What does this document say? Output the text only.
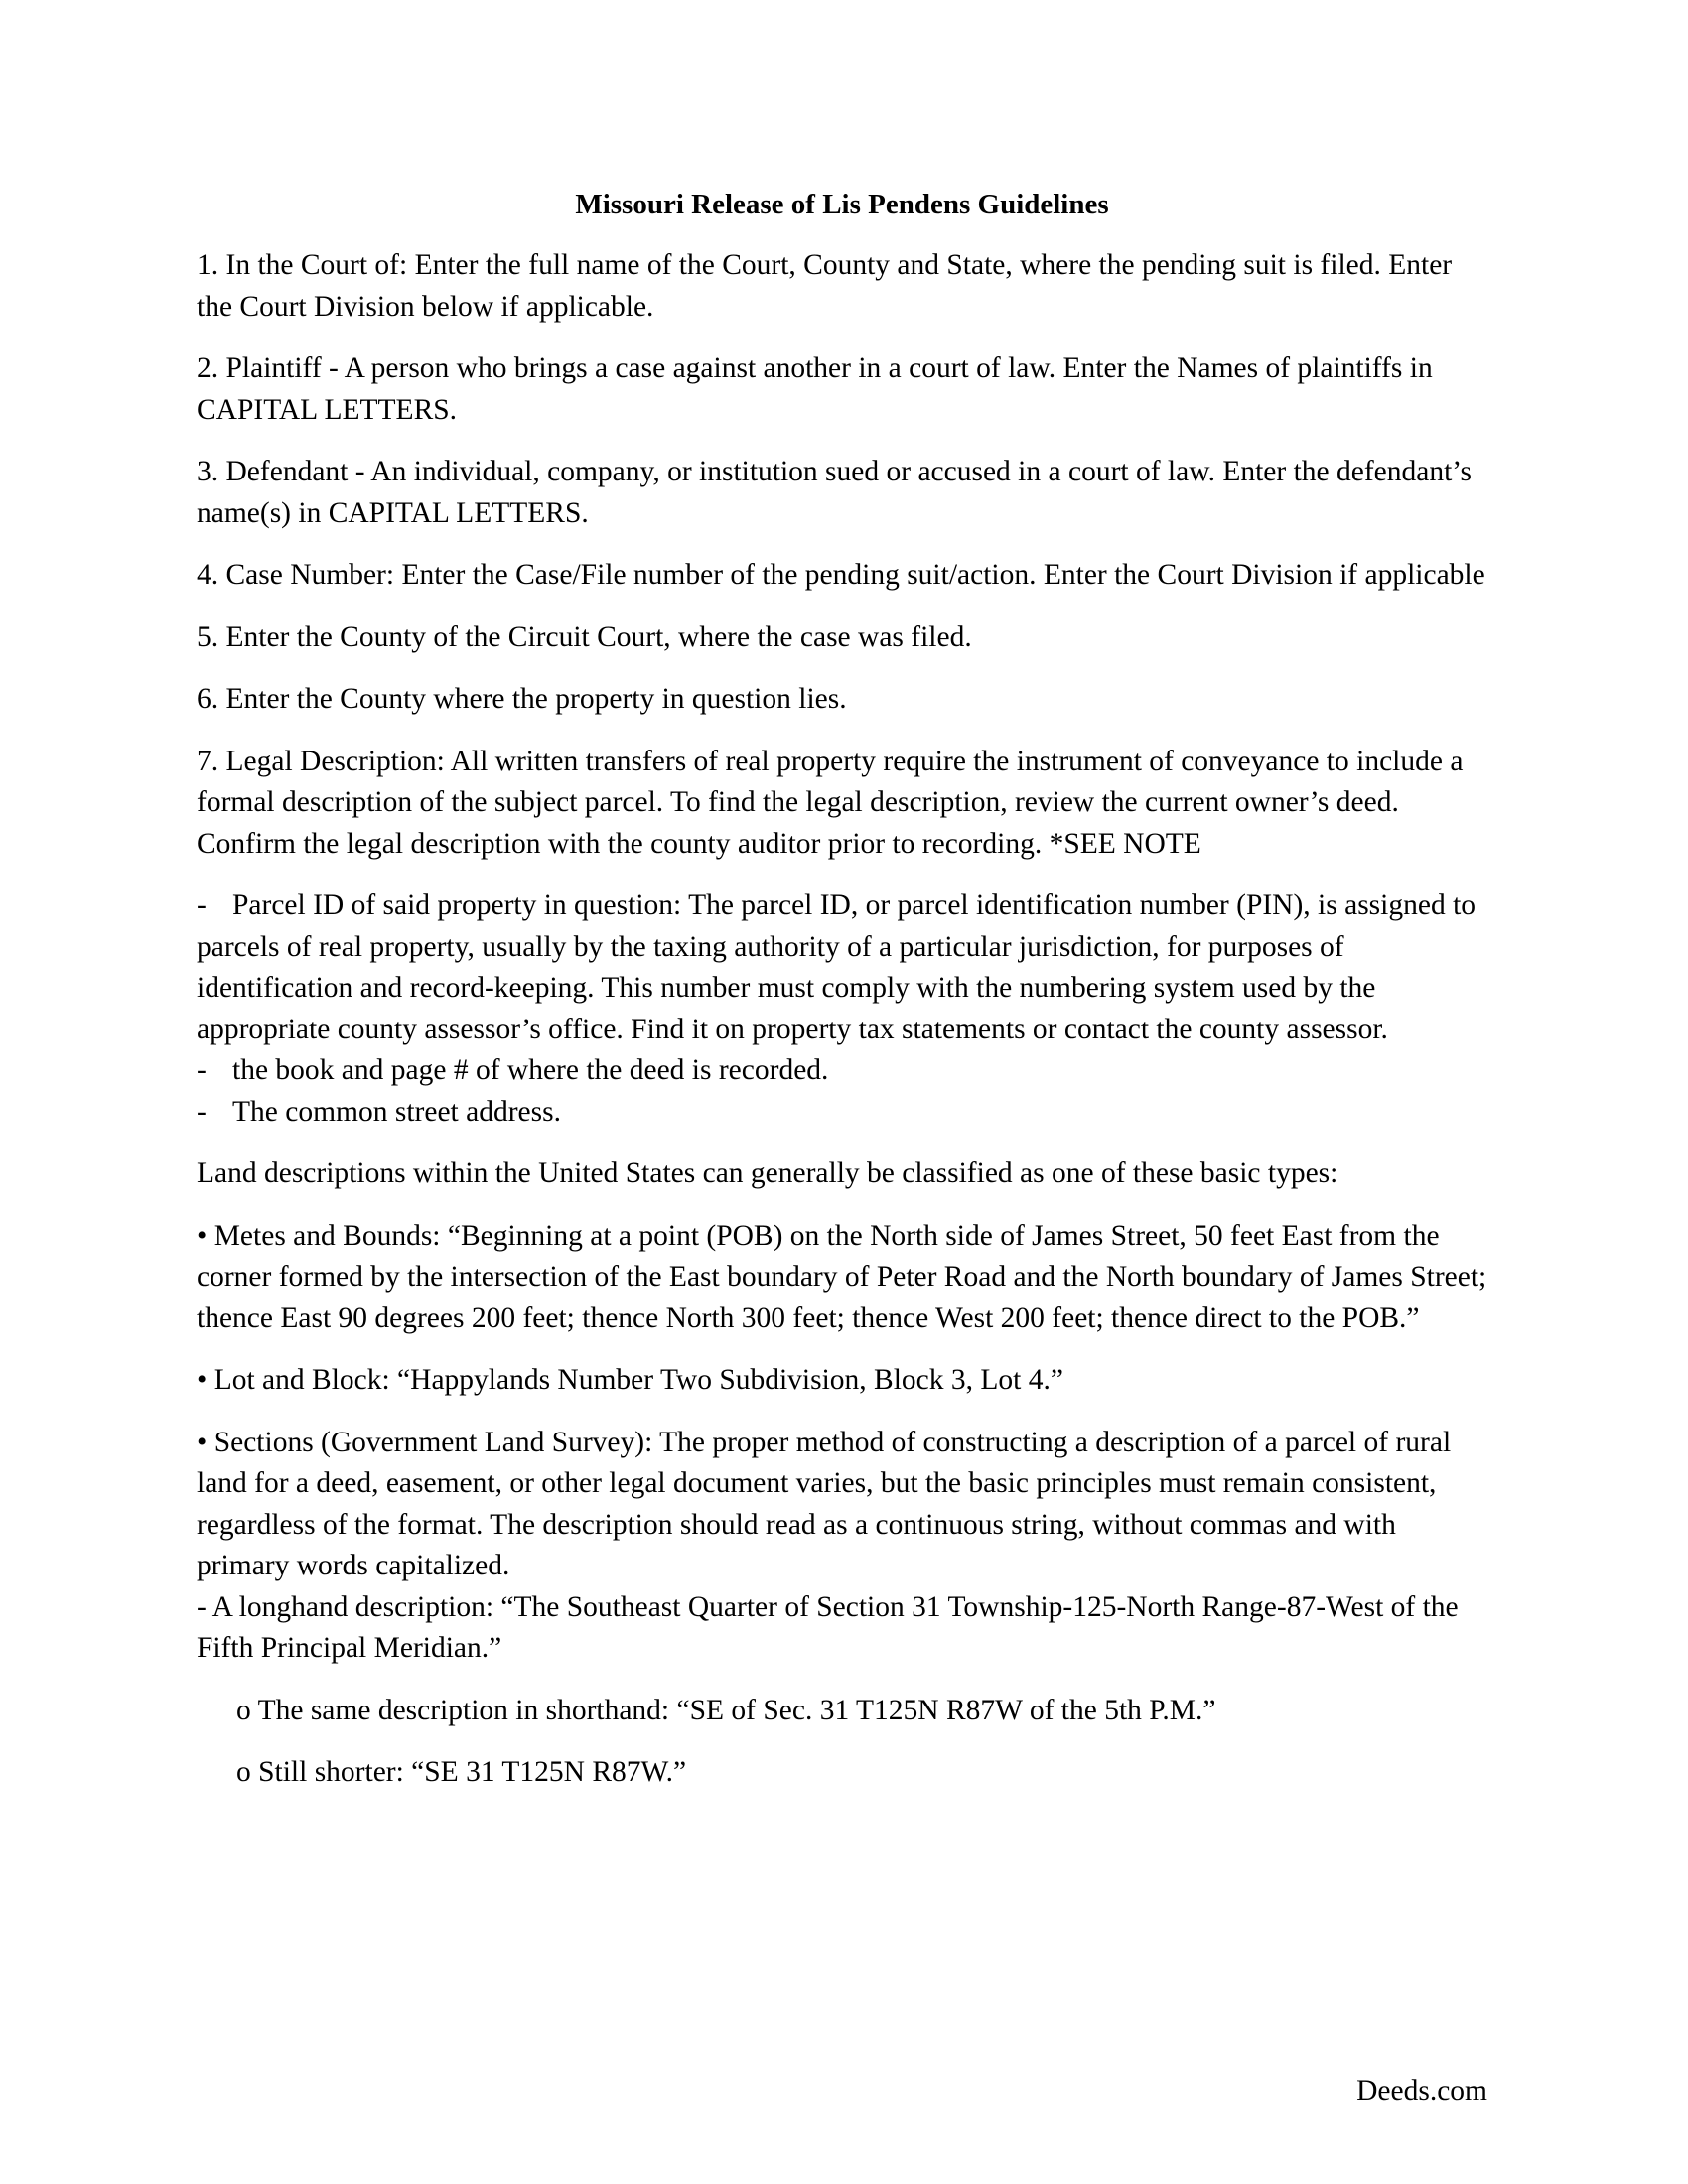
Missouri Release of Lis Pendens Guidelines

1. In the Court of: Enter the full name of the Court, County and State, where the pending suit is filed. Enter the Court Division below if applicable.

2. Plaintiff - A person who brings a case against another in a court of law. Enter the Names of plaintiffs in CAPITAL LETTERS.

3. Defendant - An individual, company, or institution sued or accused in a court of law. Enter the defendant’s name(s) in CAPITAL LETTERS.

4. Case Number: Enter the Case/File number of the pending suit/action. Enter the Court Division if applicable

5. Enter the County of the Circuit Court, where the case was filed.

6. Enter the County where the property in question lies.

7. Legal Description: All written transfers of real property require the instrument of conveyance to include a formal description of the subject parcel. To find the legal description, review the current owner’s deed. Confirm the legal description with the county auditor prior to recording. *SEE NOTE

- Parcel ID of said property in question: The parcel ID, or parcel identification number (PIN), is assigned to parcels of real property, usually by the taxing authority of a particular jurisdiction, for purposes of identification and record-keeping. This number must comply with the numbering system used by the appropriate county assessor’s office. Find it on property tax statements or contact the county assessor.

- the book and page # of where the deed is recorded.

- The common street address.

Land descriptions within the United States can generally be classified as one of these basic types:

• Metes and Bounds: “Beginning at a point (POB) on the North side of James Street, 50 feet East from the corner formed by the intersection of the East boundary of Peter Road and the North boundary of James Street; thence East 90 degrees 200 feet; thence North 300 feet; thence West 200 feet; thence direct to the POB.”

• Lot and Block: “Happylands Number Two Subdivision, Block 3, Lot 4.”

• Sections (Government Land Survey): The proper method of constructing a description of a parcel of rural land for a deed, easement, or other legal document varies, but the basic principles must remain consistent, regardless of the format. The description should read as a continuous string, without commas and with primary words capitalized.

- A longhand description: “The Southeast Quarter of Section 31 Township-125-North Range-87-West of the Fifth Principal Meridian.”

o The same description in shorthand: “SE of Sec. 31 T125N R87W of the 5th P.M.”

o Still shorter: “SE 31 T125N R87W.”

Deeds.com
